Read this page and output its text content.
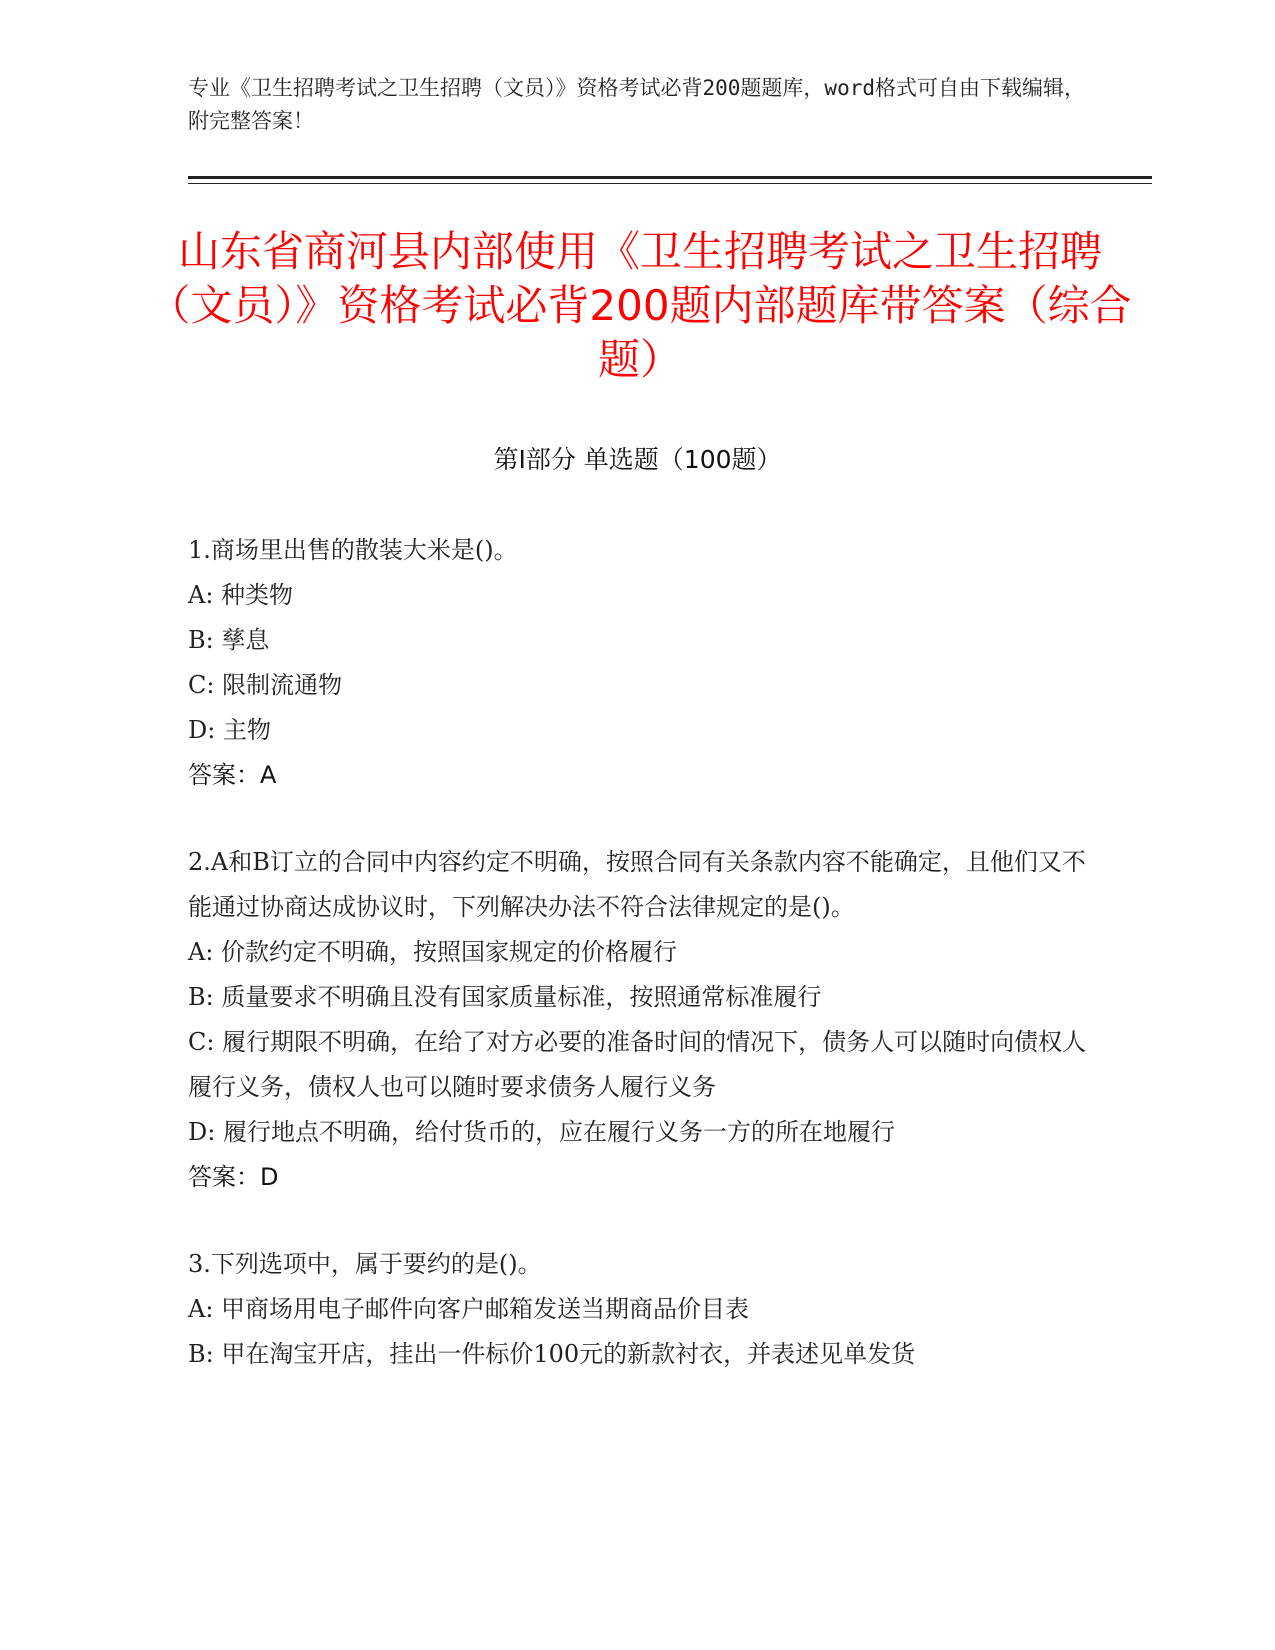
专业《卫生招聘考试之卫生招聘（文员）》资格考试必背200题题库，word格式可自由下载编辑，附完整答案！

山东省商河县内部使用《卫生招聘考试之卫生招聘（文员）》资格考试必背200题内部题库带答案（综合题）
第I部分 单选题（100题）

1.商场里出售的散装大米是()。

A: 种类物

B: 孳息

C: 限制流通物

D: 主物

答案：A

2.A和B订立的合同中内容约定不明确，按照合同有关条款内容不能确定，且他们又不能通过协商达成协议时，下列解决办法不符合法律规定的是()。

A: 价款约定不明确，按照国家规定的价格履行

B: 质量要求不明确且没有国家质量标准，按照通常标准履行

C: 履行期限不明确，在给了对方必要的准备时间的情况下，债务人可以随时向债权人履行义务，债权人也可以随时要求债务人履行义务

D: 履行地点不明确，给付货币的，应在履行义务一方的所在地履行

答案：D

3.下列选项中，属于要约的是()。

A: 甲商场用电子邮件向客户邮箱发送当期商品价目表

B: 甲在淘宝开店，挂出一件标价100元的新款衬衣，并表述见单发货
